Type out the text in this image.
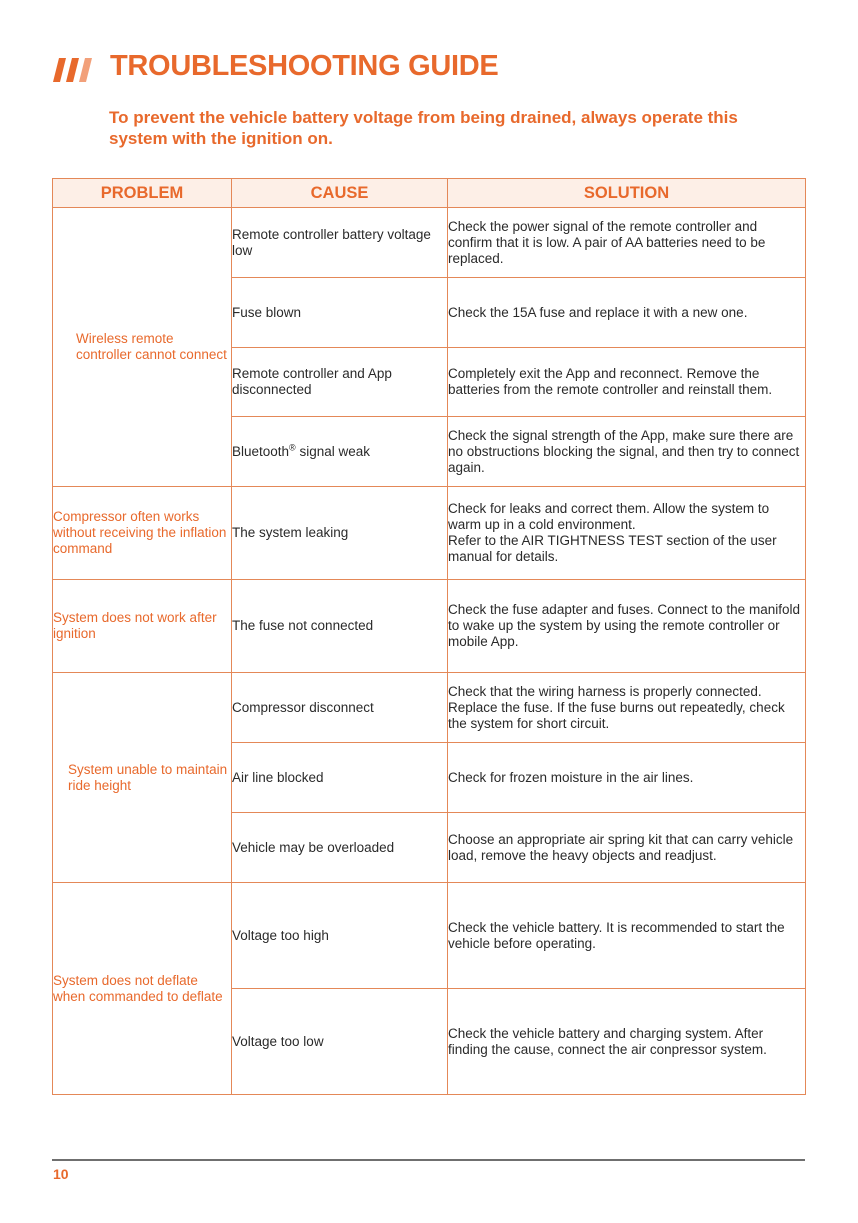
TROUBLESHOOTING GUIDE

To prevent the vehicle battery voltage from being drained, always operate this system with the ignition on.

PROBLEM	CAUSE	SOLUTION
Wireless remote controller cannot connect	Remote controller battery voltage low	Check the power signal of the remote controller and confirm that it is low. A pair of AA batteries need to be replaced.
	Fuse blown	Check the 15A fuse and replace it with a new one.
	Remote controller and App disconnected	Completely exit the App and reconnect. Remove the batteries from the remote controller and reinstall them.
	Bluetooth® signal weak	Check the signal strength of the App, make sure there are no obstructions blocking the signal, and then try to connect again.
Compressor often works without receiving the inflation command	The system leaking	Check for leaks and correct them. Allow the system to warm up in a cold environment.
Refer to the AIR TIGHTNESS TEST section of the user manual for details.
System does not work after ignition	The fuse not connected	Check the fuse adapter and fuses. Connect to the manifold to wake up the system by using the remote controller or mobile App.
System unable to maintain ride height	Compressor disconnect	Check that the wiring harness is properly connected. Replace the fuse. If the fuse burns out repeatedly, check the system for short circuit.
	Air line blocked	Check for frozen moisture in the air lines.
	Vehicle may be overloaded	Choose an appropriate air spring kit that can carry vehicle load, remove the heavy objects and readjust.
System does not deflate when commanded to deflate	Voltage too high	Check the vehicle battery. It is recommended to start the vehicle before operating.
	Voltage too low	Check the vehicle battery and charging system. After finding the cause, connect the air conpressor system.
10
